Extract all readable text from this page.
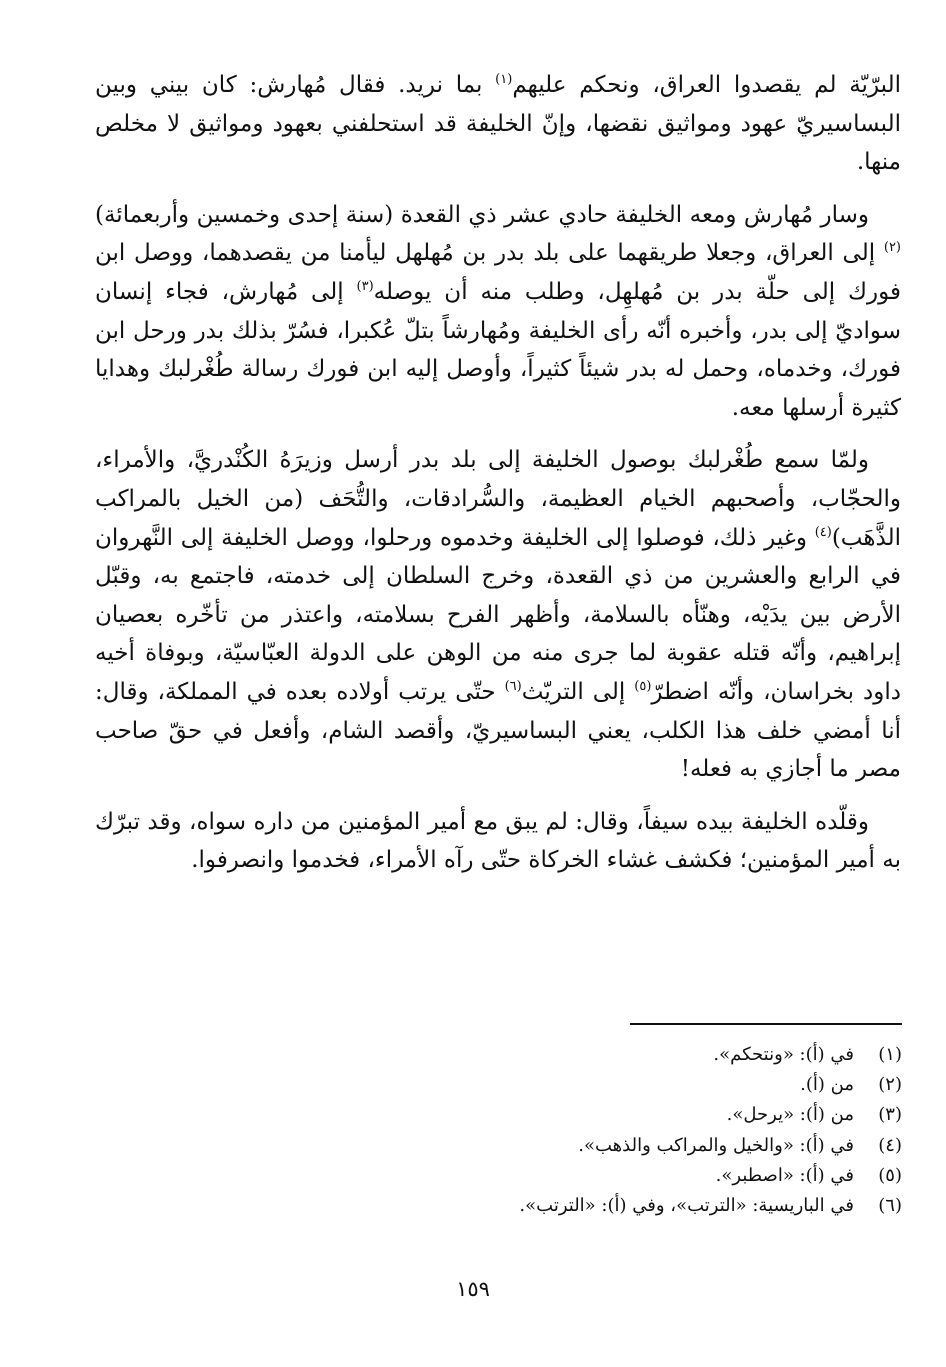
البرّيّة لم يقصدوا العراق، ونحكم عليهم$^{(١)}$ بما نريد. فقال مُهارش: كان بيني وبين البساسيريّ عهود ومواثيق نقضها، وإنّ الخليفة قد استحلفني بعهود ومواثيق لا مخلص منها.

وسار مُهارش ومعه الخليفة حادي عشر ذي القعدة (سنة إحدى وخمسين وأربعمائة)$^{(٢)}$ إلى العراق، وجعلا طريقهما على بلد بدر بن مُهلهل ليأمنا من يقصدهما، ووصل ابن فورك إلى حلّة بدر بن مُهلهِل، وطلب منه أن يوصله$^{(٣)}$ إلى مُهارش، فجاء إنسان سواديّ إلى بدر، وأخبره أنّه رأى الخليفة ومُهارشاً بتلّ عُكبرا، فسُرّ بذلك بدر ورحل ابن فورك، وخدماه، وحمل له بدر شيئاً كثيراً، وأوصل إليه ابن فورك رسالة طُغْرلبك وهدايا كثيرة أرسلها معه.

ولمّا سمع طُغْرلبك بوصول الخليفة إلى بلد بدر أرسل وزيرَهُ الكُنْدريَّ، والأمراء، والحجّاب، وأصحبهم الخيام العظيمة، والسُّرادقات، والتُّحَف (من الخيل بالمراكب الذَّهَب)$^{(٤)}$ وغير ذلك، فوصلوا إلى الخليفة وخدموه ورحلوا، ووصل الخليفة إلى النَّهروان في الرابع والعشرين من ذي القعدة، وخرج السلطان إلى خدمته، فاجتمع به، وقبّل الأرض بين يدَيْه، وهنّأه بالسلامة، وأظهر الفرح بسلامته، واعتذر من تأخّره بعصيان إبراهيم، وأنّه قتله عقوبة لما جرى منه من الوهن على الدولة العبّاسيّة، وبوفاة أخيه داود بخراسان، وأنّه اضطرّ$^{(٥)}$ إلى التريّث$^{(٦)}$ حتّى يرتب أولاده بعده في المملكة، وقال: أنا أمضي خلف هذا الكلب، يعني البساسيريّ، وأقصد الشام، وأفعل في حقّ صاحب مصر ما أجازي به فعله!

وقلّده الخليفة بيده سيفاً، وقال: لم يبق مع أمير المؤمنين من داره سواه، وقد تبرّك به أمير المؤمنين؛ فكشف غشاء الخركاة حتّى رآه الأمراء، فخدموا وانصرفوا.

(١)
في (أ): «ونتحكم».
(٢)
من (أ).
(٣)
من (أ): «يرحل».
(٤)
في (أ): «والخيل والمراكب والذهب».
(٥)
في (أ): «اصطبر».
(٦)
في الباريسية: «الترتب»، وفي (أ): «الترتب».
١٥٩
